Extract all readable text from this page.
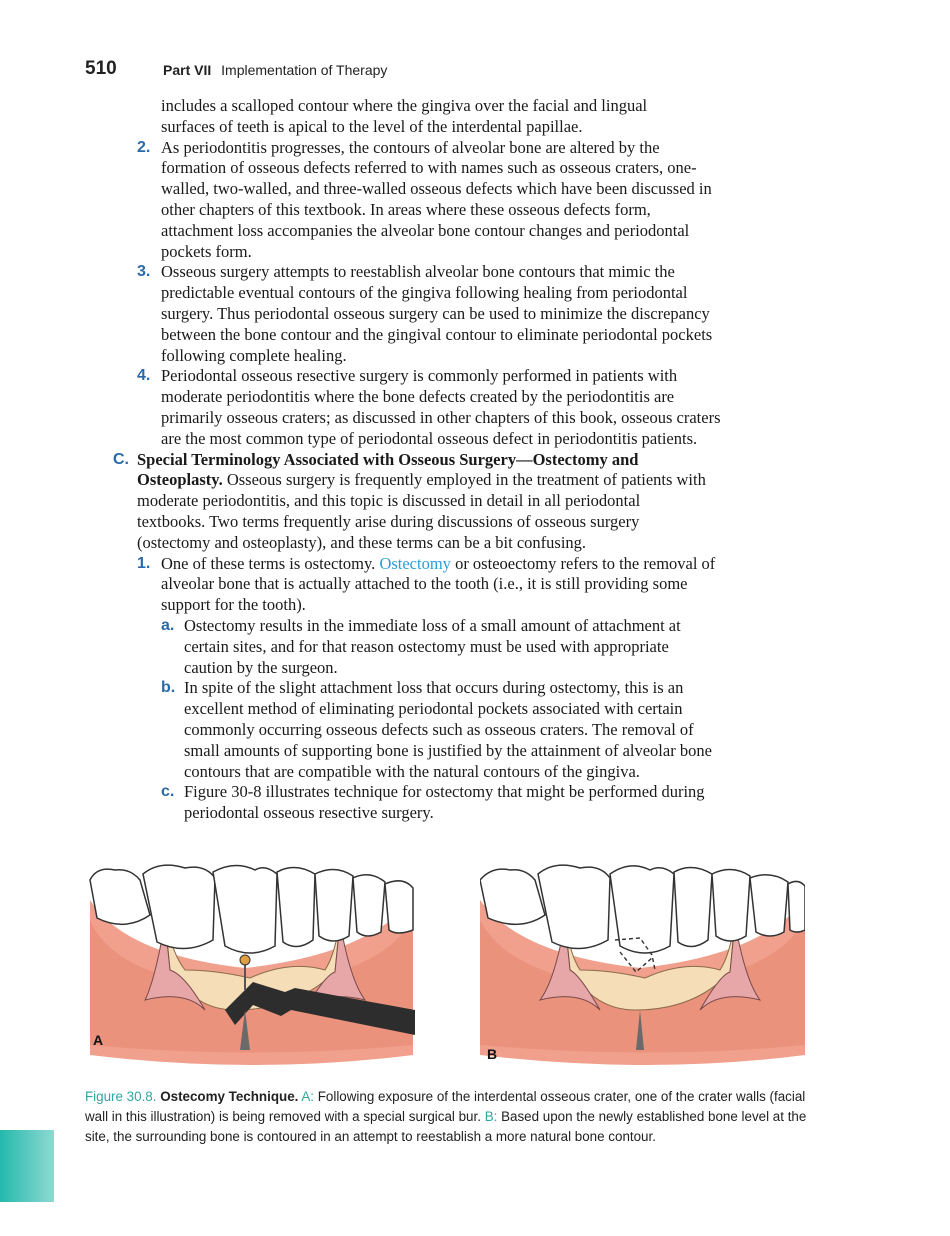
510	Part VII Implementation of Therapy

includes a scalloped contour where the gingiva over the facial and lingual surfaces of teeth is apical to the level of the interdental papillae.

2. As periodontitis progresses, the contours of alveolar bone are altered by the formation of osseous defects referred to with names such as osseous craters, one-walled, two-walled, and three-walled osseous defects which have been discussed in other chapters of this textbook. In areas where these osseous defects form, attachment loss accompanies the alveolar bone contour changes and periodontal pockets form.
3. Osseous surgery attempts to reestablish alveolar bone contours that mimic the predictable eventual contours of the gingiva following healing from periodontal surgery. Thus periodontal osseous surgery can be used to minimize the discrepancy between the bone contour and the gingival contour to eliminate periodontal pockets following complete healing.
4. Periodontal osseous resective surgery is commonly performed in patients with moderate periodontitis where the bone defects created by the periodontitis are primarily osseous craters; as discussed in other chapters of this book, osseous craters are the most common type of periodontal osseous defect in periodontitis patients.
C. Special Terminology Associated with Osseous Surgery—Ostectomy and Osteoplasty. Osseous surgery is frequently employed in the treatment of patients with moderate periodontitis, and this topic is discussed in detail in all periodontal textbooks. Two terms frequently arise during discussions of osseous surgery (ostectomy and osteoplasty), and these terms can be a bit confusing.
1. One of these terms is ostectomy. Ostectomy or osteoectomy refers to the removal of alveolar bone that is actually attached to the tooth (i.e., it is still providing some support for the tooth).
a. Ostectomy results in the immediate loss of a small amount of attachment at certain sites, and for that reason ostectomy must be used with appropriate caution by the surgeon.
b. In spite of the slight attachment loss that occurs during ostectomy, this is an excellent method of eliminating periodontal pockets associated with certain commonly occurring osseous defects such as osseous craters. The removal of small amounts of supporting bone is justified by the attainment of alveolar bone contours that are compatible with the natural contours of the gingiva.
c. Figure 30-8 illustrates technique for ostectomy that might be performed during periodontal osseous resective surgery.
A
B
Figure 30.8. Ostecomy Technique. A: Following exposure of the interdental osseous crater, one of the crater walls (facial wall in this illustration) is being removed with a special surgical bur. B: Based upon the newly established bone level at the site, the surrounding bone is contoured in an attempt to reestablish a more natural bone contour.
